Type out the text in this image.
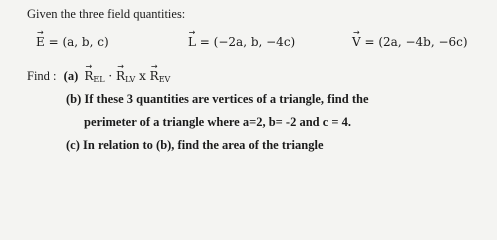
Given the three field quantities:
→
E = (a, b, c)
→
L = (−2a, b, −4c)
→
V = (2a, −4b, −6c)
Find : (a)
→
$R_{EL}$ ·
→
$R_{LV}$ x
→
$R_{EV}$
(b) If these 3 quantities are vertices of a triangle, find the
perimeter of a triangle where a=2, b= -2 and c = 4.
(c) In relation to (b), find the area of the triangle
